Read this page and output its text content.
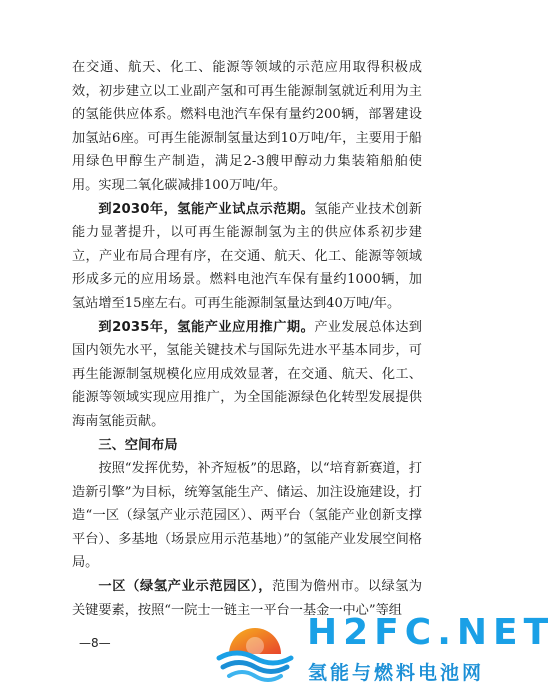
在交通、航天、化工、能源等领域的示范应用取得积极成效，初步建立以工业副产氢和可再生能源制氢就近利用为主的氢能供应体系。燃料电池汽车保有量约200辆，部署建设加氢站6座。可再生能源制氢量达到10万吨/年，主要用于船用绿色甲醇生产制造，满足2-3艘甲醇动力集装箱船舶使用。实现二氧化碳减排100万吨/年。

到2030年，氢能产业试点示范期。氢能产业技术创新能力显著提升，以可再生能源制氢为主的供应体系初步建立，产业布局合理有序，在交通、航天、化工、能源等领域形成多元的应用场景。燃料电池汽车保有量约1000辆，加氢站增至15座左右。可再生能源制氢量达到40万吨/年。

到2035年，氢能产业应用推广期。产业发展总体达到国内领先水平，氢能关键技术与国际先进水平基本同步，可再生能源制氢规模化应用成效显著，在交通、航天、化工、能源等领域实现应用推广，为全国能源绿色化转型发展提供海南氢能贡献。

三、空间布局

按照“发挥优势，补齐短板”的思路，以“培育新赛道，打造新引擎”为目标，统筹氢能生产、储运、加注设施建设，打造“一区（绿氢产业示范园区）、两平台（氢能产业创新支撑平台）、多基地（场景应用示范基地）”的氢能产业发展空间格局。

一区（绿氢产业示范园区），范围为儋州市。以绿氢为关键要素，按照“一院士一链主一平台一基金一中心”等组

—8—	H2FC.NET
氢能与燃料电池网
